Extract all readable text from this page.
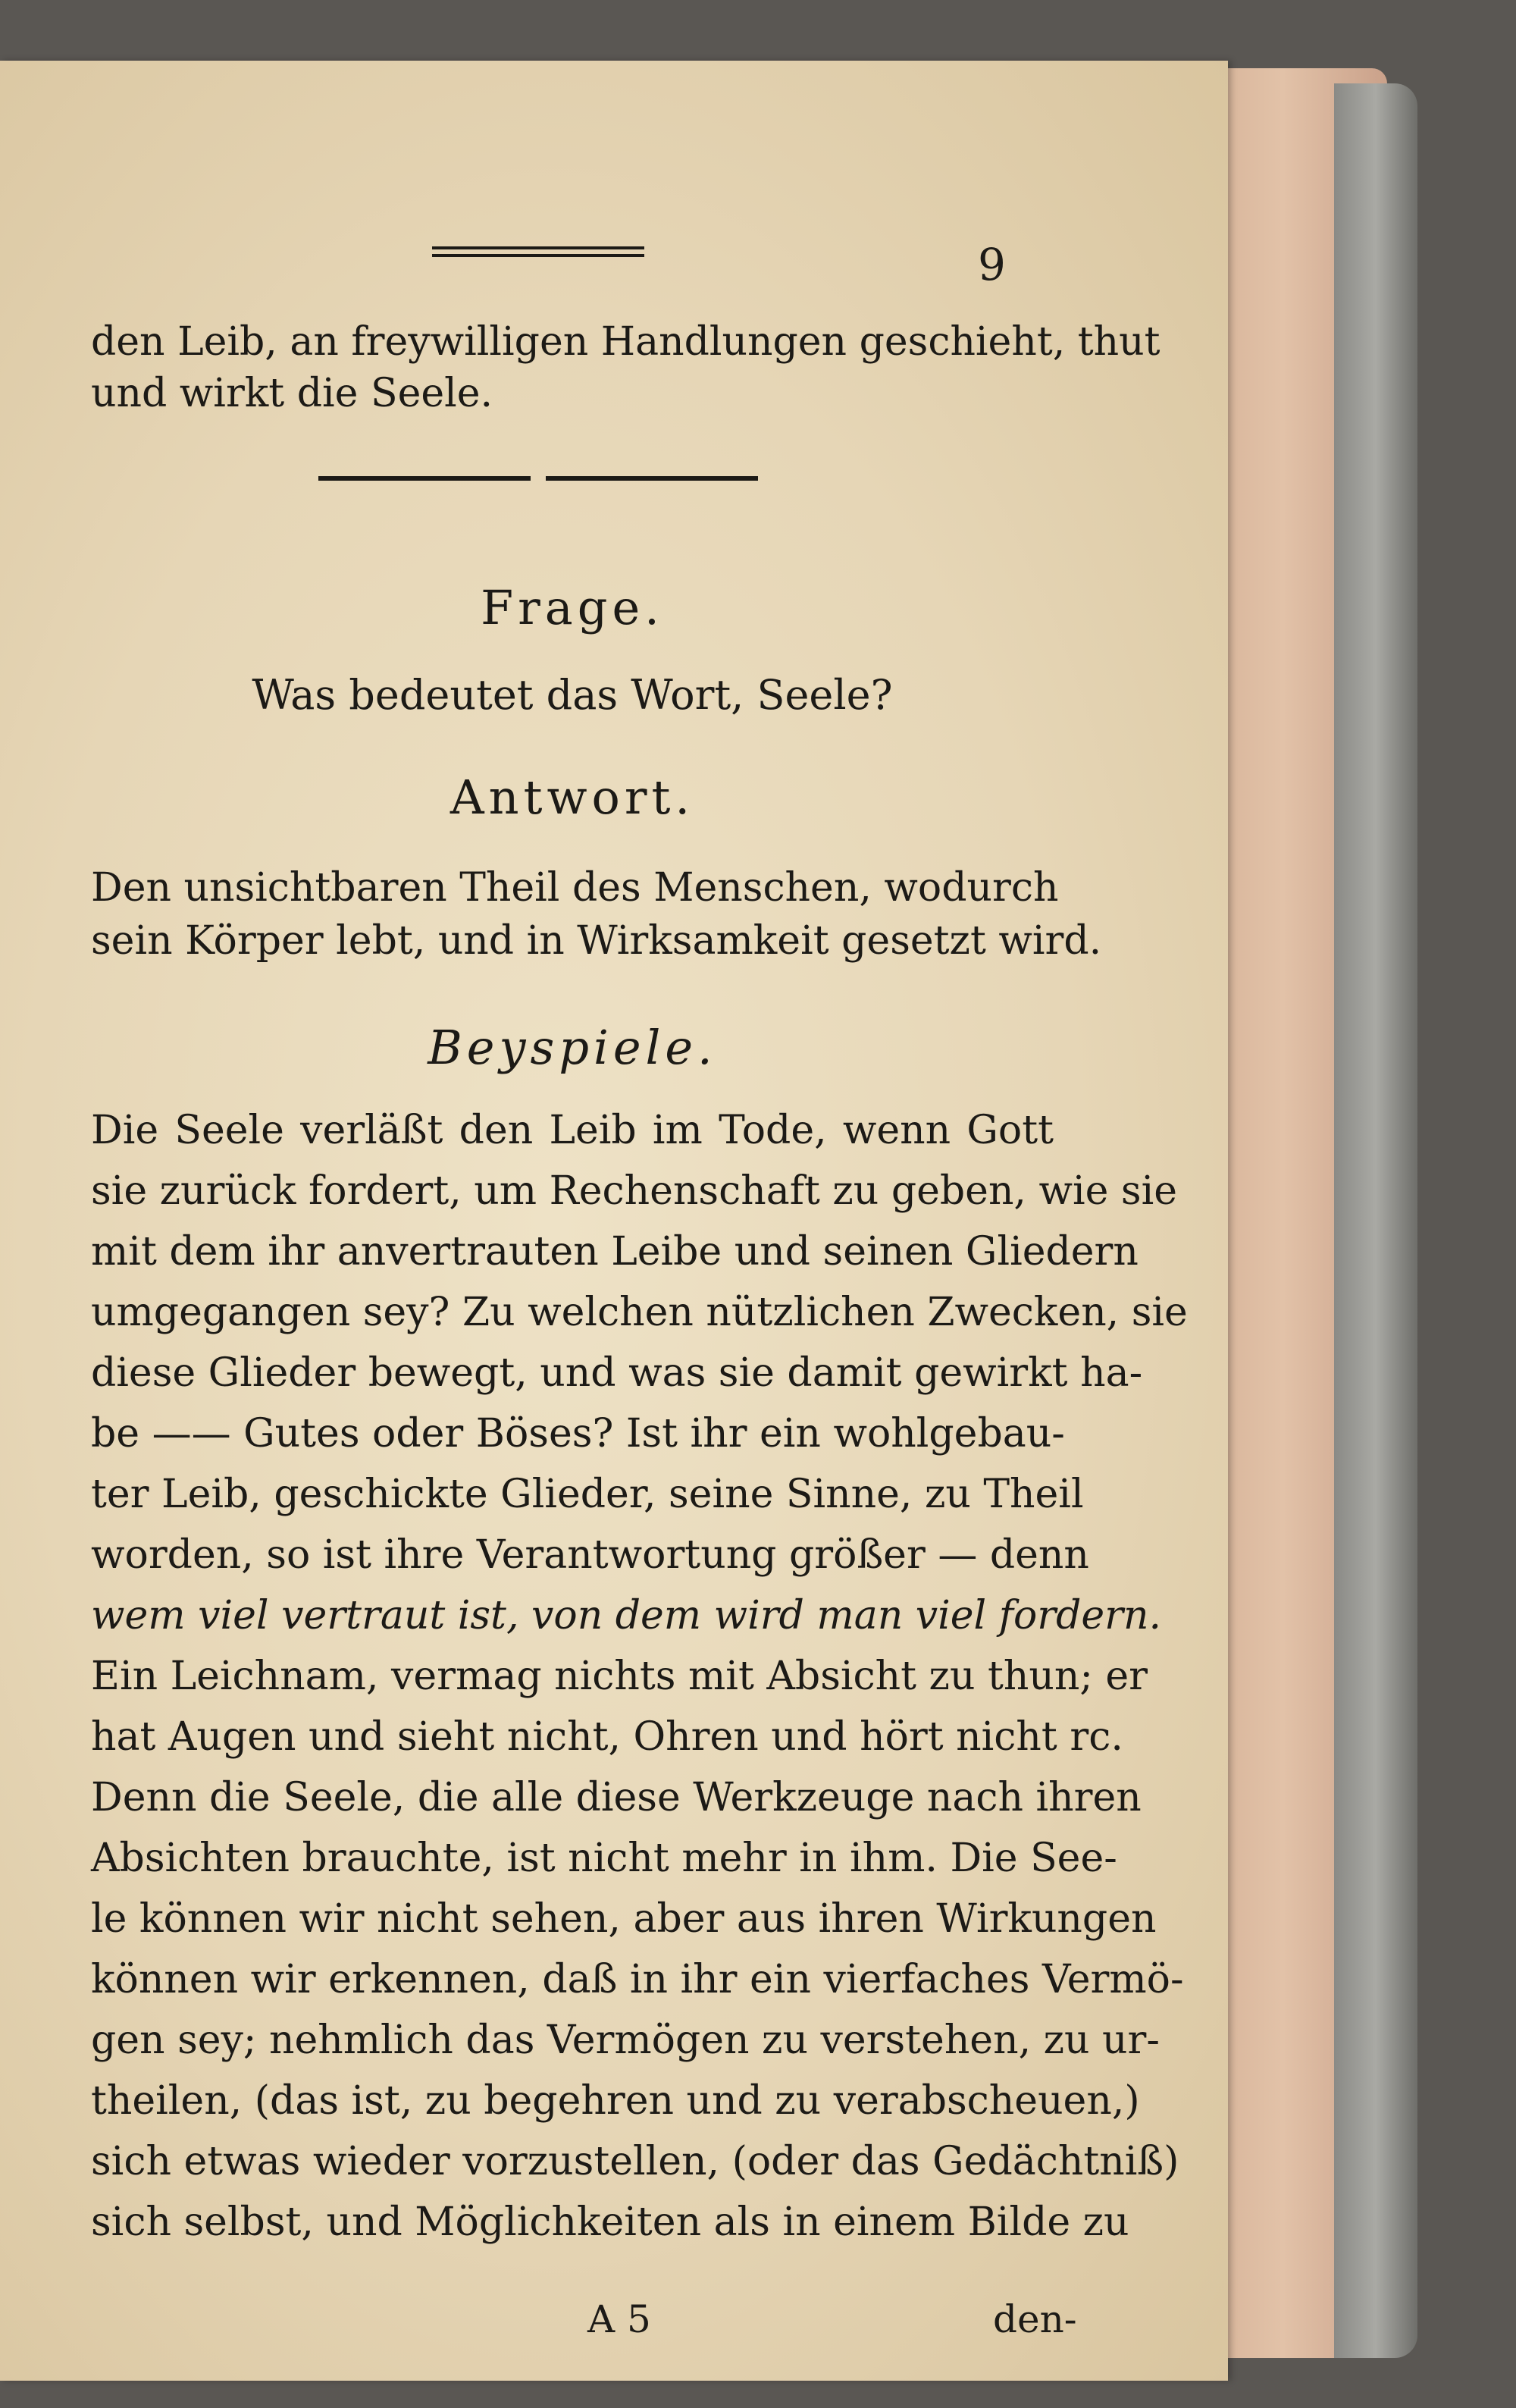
9
den Leib, an freywilligen Handlungen geschieht, thut
und wirkt die Seele.
Frage.
Was bedeutet das Wort, Seele?
Antwort.
Den unsichtbaren Theil des Menschen, wodurch
sein Körper lebt, und in Wirksamkeit gesetzt wird.
Beyspiele.
Die Seele verläßt den Leib im Tode, wenn Gott
sie zurück fordert, um Rechenschaft zu geben, wie sie
mit dem ihr anvertrauten Leibe und seinen Gliedern
umgegangen sey? Zu welchen nützlichen Zwecken, sie
diese Glieder bewegt, und was sie damit gewirkt ha-
be —— Gutes oder Böses? Ist ihr ein wohlgebau-
ter Leib, geschickte Glieder, seine Sinne, zu Theil
worden, so ist ihre Verantwortung größer — denn
wem viel vertraut ist, von dem wird man viel fordern.
Ein Leichnam, vermag nichts mit Absicht zu thun; er
hat Augen und sieht nicht, Ohren und hört nicht rc.
Denn die Seele, die alle diese Werkzeuge nach ihren
Absichten brauchte, ist nicht mehr in ihm. Die See-
le können wir nicht sehen, aber aus ihren Wirkungen
können wir erkennen, daß in ihr ein vierfaches Vermö-
gen sey; nehmlich das Vermögen zu verstehen, zu ur-
theilen, (das ist, zu begehren und zu verabscheuen,)
sich etwas wieder vorzustellen, (oder das Gedächtniß)
sich selbst, und Möglichkeiten als in einem Bilde zu
A 5	den-
